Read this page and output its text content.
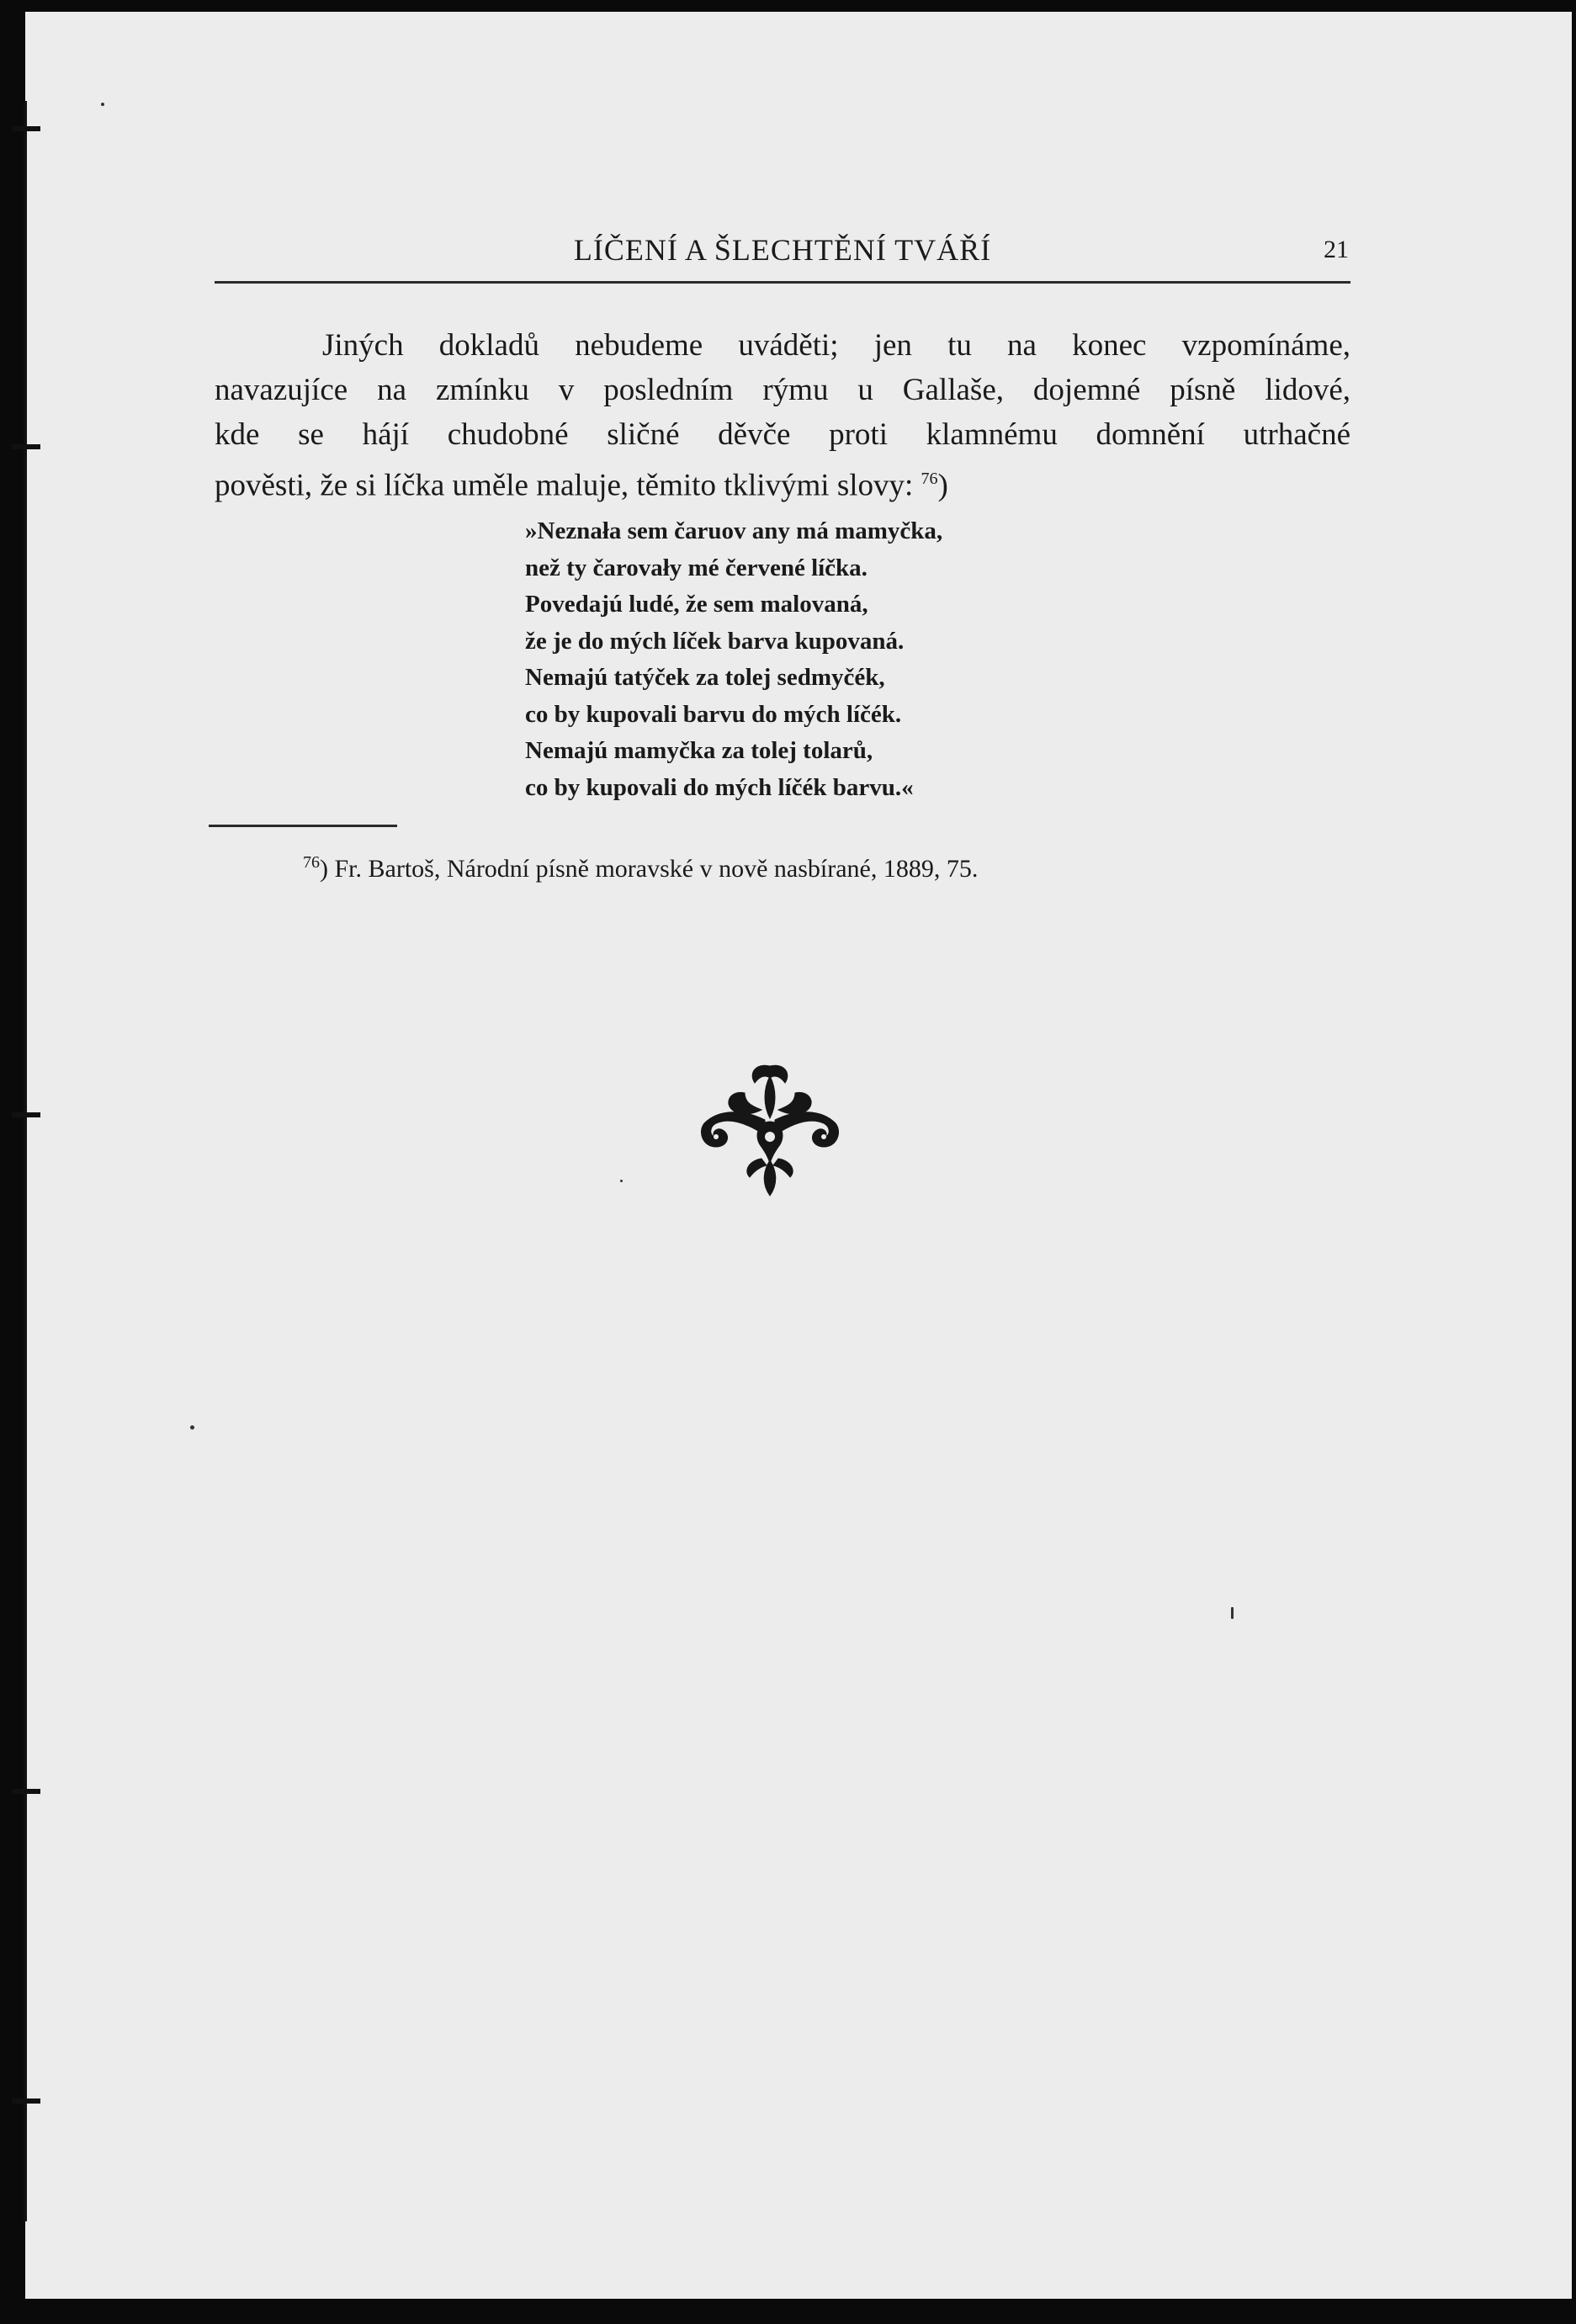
LÍČENÍ A ŠLECHTĚNÍ TVÁŘÍ	21
Jiných dokladů nebudeme uváděti; jen tu na konec vzpomínáme,
navazujíce na zmínku v posledním rýmu u Gallaše, dojemné písně lidové,
kde se hájí chudobné sličné děvče proti klamnému domnění utrhačné
pověsti, že si líčka uměle maluje, těmito tklivými slovy: $^{76}$)
»Neznała sem čaruov any má mamyčka,
než ty čarovały mé červené líčka.
Povedajú ludé, že sem malovaná,
že je do mých líček barva kupovaná.
Nemajú tatýček za tolej sedmyčék,
co by kupovali barvu do mých líčék.
Nemajú mamyčka za tolej tolarů,
co by kupovali do mých líčék barvu.«
$^{76}$) Fr. Bartoš, Národní písně moravské v nově nasbírané, 1889, 75.
